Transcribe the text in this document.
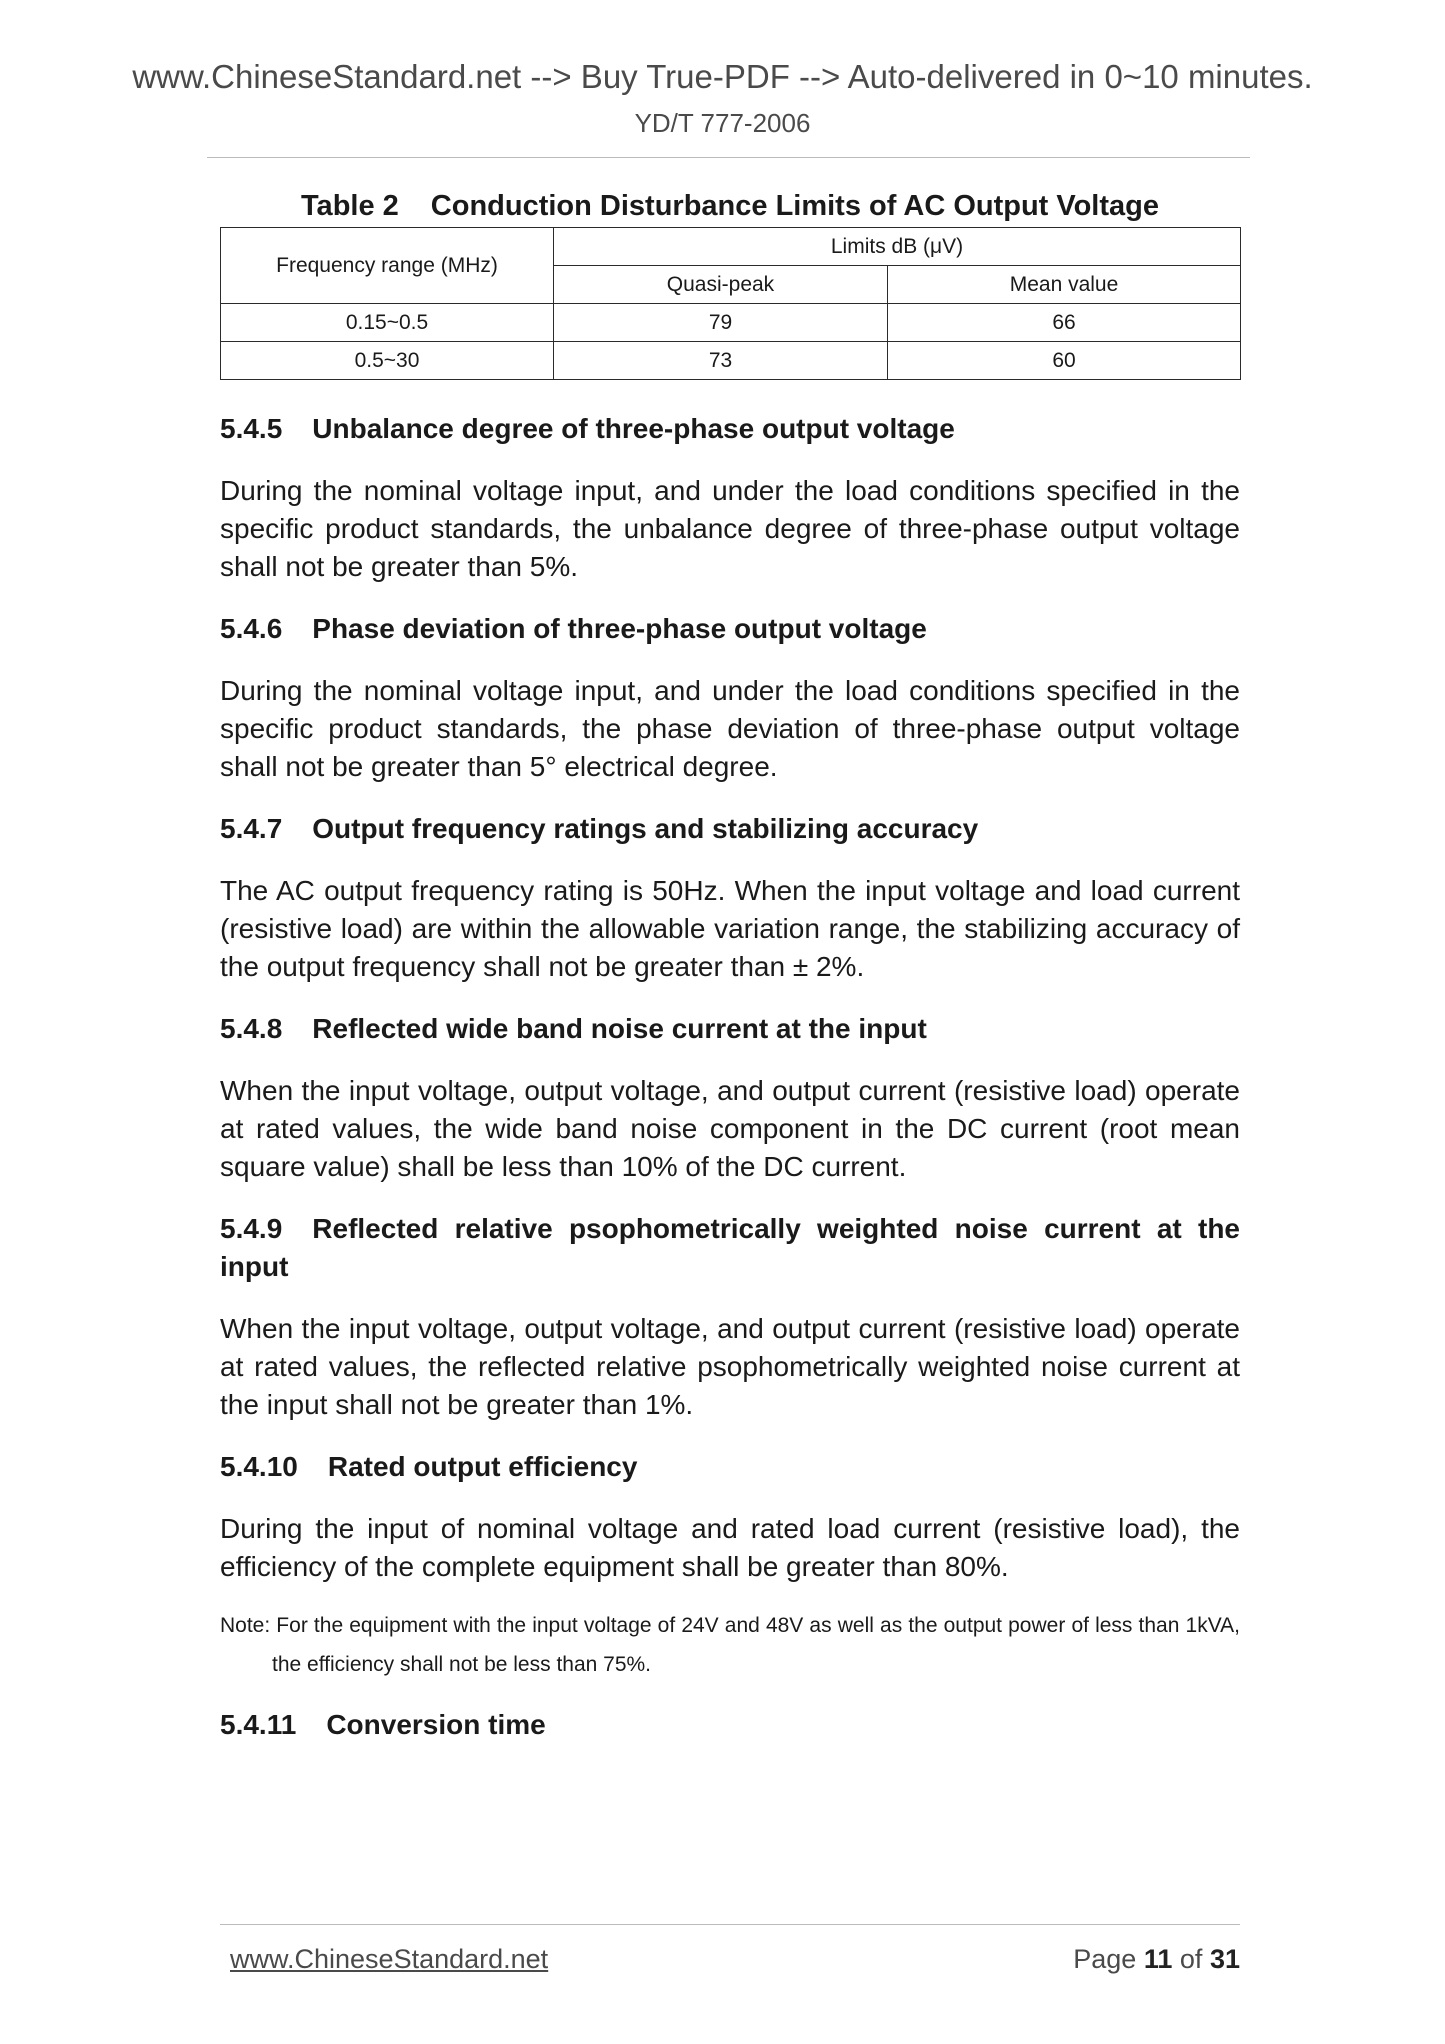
www.ChineseStandard.net --> Buy True-PDF --> Auto-delivered in 0~10 minutes.
YD/T 777-2006
Table 2 Conduction Disturbance Limits of AC Output Voltage
Frequency range (MHz)	Limits dB (μV)	
	Quasi-peak	Mean value
0.15~0.5	79	66
0.5~30	73	60
5.4.5 Unbalance degree of three-phase output voltage

During the nominal voltage input, and under the load conditions specified in the specific product standards, the unbalance degree of three-phase output voltage shall not be greater than 5%.

5.4.6 Phase deviation of three-phase output voltage

During the nominal voltage input, and under the load conditions specified in the specific product standards, the phase deviation of three-phase output voltage shall not be greater than 5° electrical degree.

5.4.7 Output frequency ratings and stabilizing accuracy

The AC output frequency rating is 50Hz. When the input voltage and load current (resistive load) are within the allowable variation range, the stabilizing accuracy of the output frequency shall not be greater than ± 2%.

5.4.8 Reflected wide band noise current at the input

When the input voltage, output voltage, and output current (resistive load) operate at rated values, the wide band noise component in the DC current (root mean square value) shall be less than 10% of the DC current.

5.4.9 Reflected relative psophometrically weighted noise current at the input

When the input voltage, output voltage, and output current (resistive load) operate at rated values, the reflected relative psophometrically weighted noise current at the input shall not be greater than 1%.

5.4.10 Rated output efficiency

During the input of nominal voltage and rated load current (resistive load), the efficiency of the complete equipment shall be greater than 80%.

Note: For the equipment with the input voltage of 24V and 48V as well as the output power of less than 1kVA, the efficiency shall not be less than 75%.
5.4.11 Conversion time
www.ChineseStandard.net	Page 11 of 31
